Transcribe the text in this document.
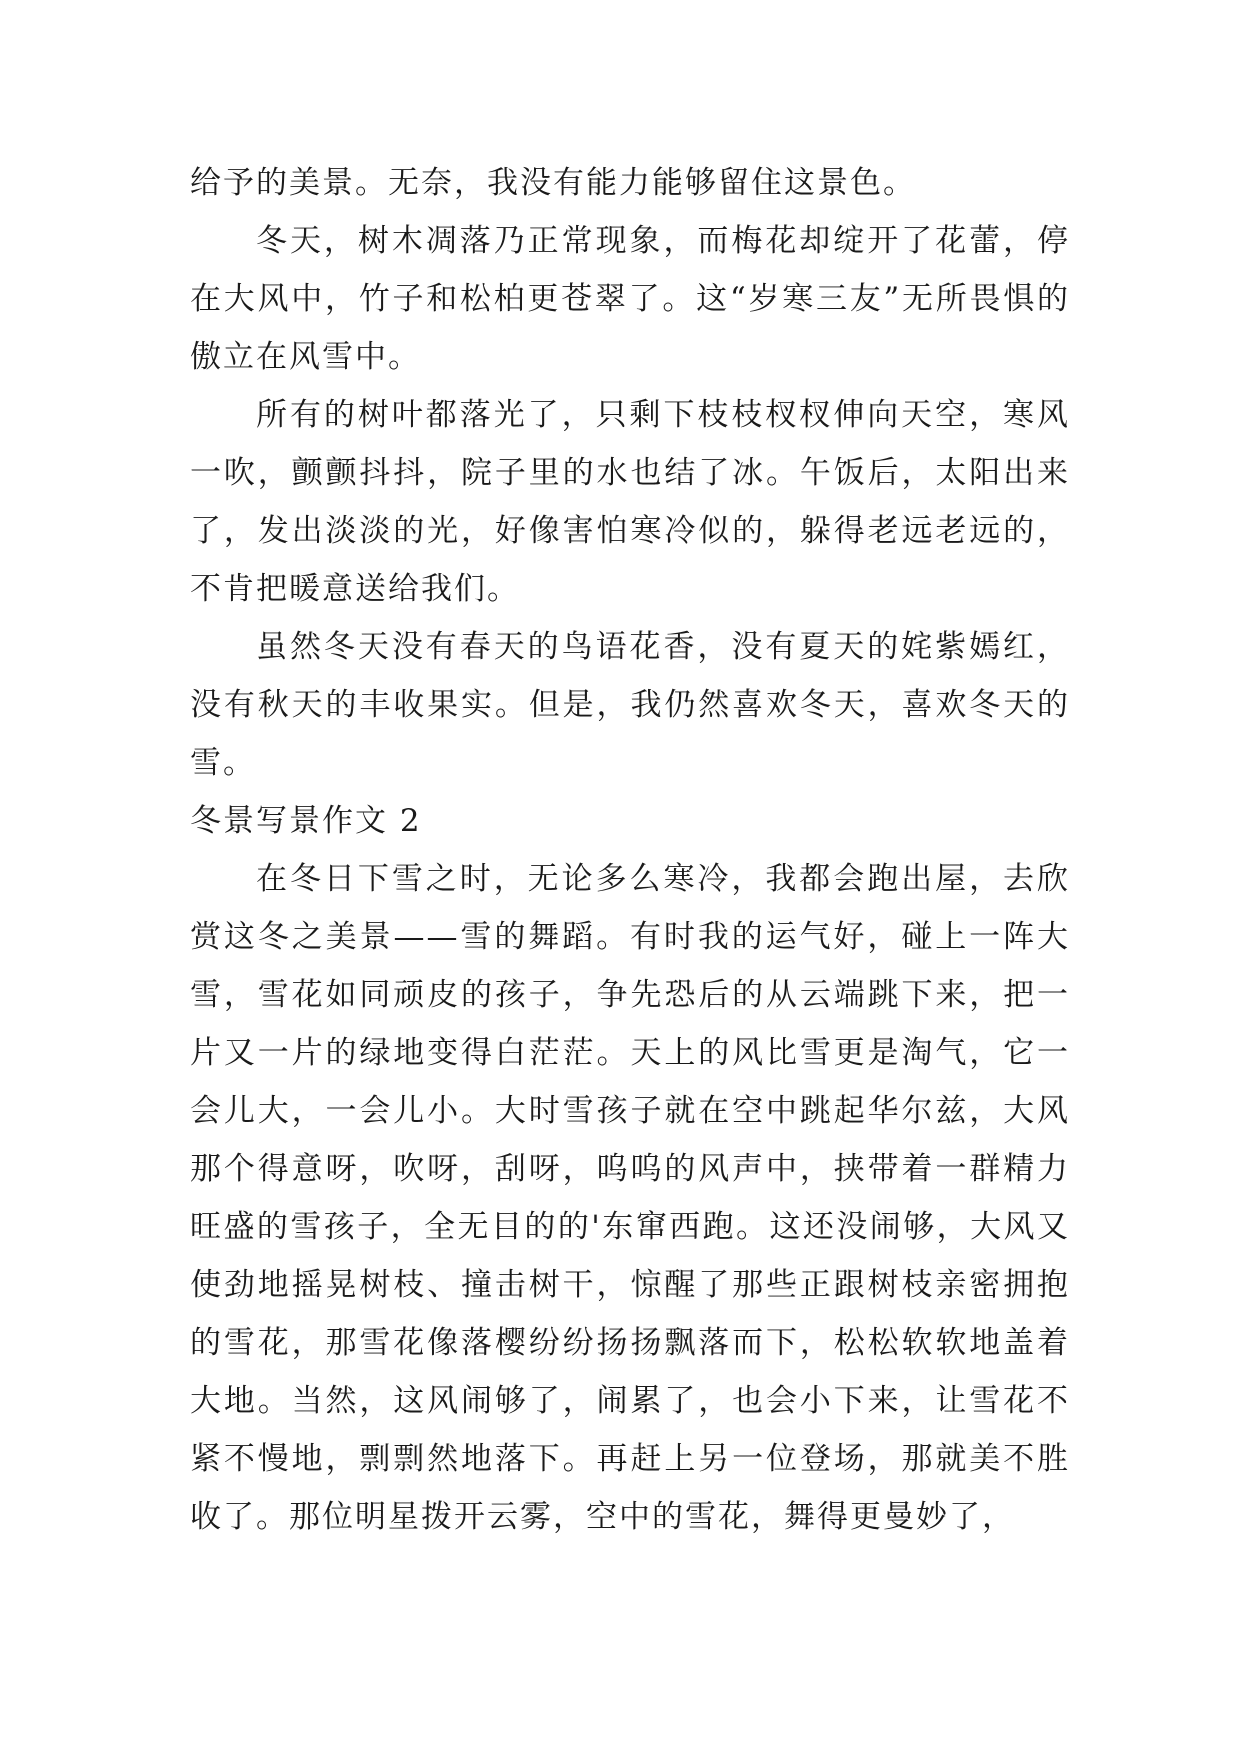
给予的美景。无奈，我没有能力能够留住这景色。

冬天，树木凋落乃正常现象，而梅花却绽开了花蕾，停在大风中，竹子和松柏更苍翠了。这“岁寒三友”无所畏惧的傲立在风雪中。

所有的树叶都落光了，只剩下枝枝杈杈伸向天空，寒风一吹，颤颤抖抖，院子里的水也结了冰。午饭后，太阳出来了，发出淡淡的光，好像害怕寒冷似的，躲得老远老远的，不肯把暖意送给我们。

虽然冬天没有春天的鸟语花香，没有夏天的姹紫嫣红，没有秋天的丰收果实。但是，我仍然喜欢冬天，喜欢冬天的雪。

冬景写景作文 2

在冬日下雪之时，无论多么寒冷，我都会跑出屋，去欣赏这冬之美景——雪的舞蹈。有时我的运气好，碰上一阵大雪，雪花如同顽皮的孩子，争先恐后的从云端跳下来，把一片又一片的绿地变得白茫茫。天上的风比雪更是淘气，它一会儿大，一会儿小。大时雪孩子就在空中跳起华尔兹，大风那个得意呀，吹呀，刮呀，呜呜的风声中，挟带着一群精力旺盛的雪孩子，全无目的的'东窜西跑。这还没闹够，大风又使劲地摇晃树枝、撞击树干，惊醒了那些正跟树枝亲密拥抱的雪花，那雪花像落樱纷纷扬扬飘落而下，松松软软地盖着大地。当然，这风闹够了，闹累了，也会小下来，让雪花不紧不慢地，剽剽然地落下。再赶上另一位登场，那就美不胜收了。那位明星拨开云雾，空中的雪花，舞得更曼妙了，
